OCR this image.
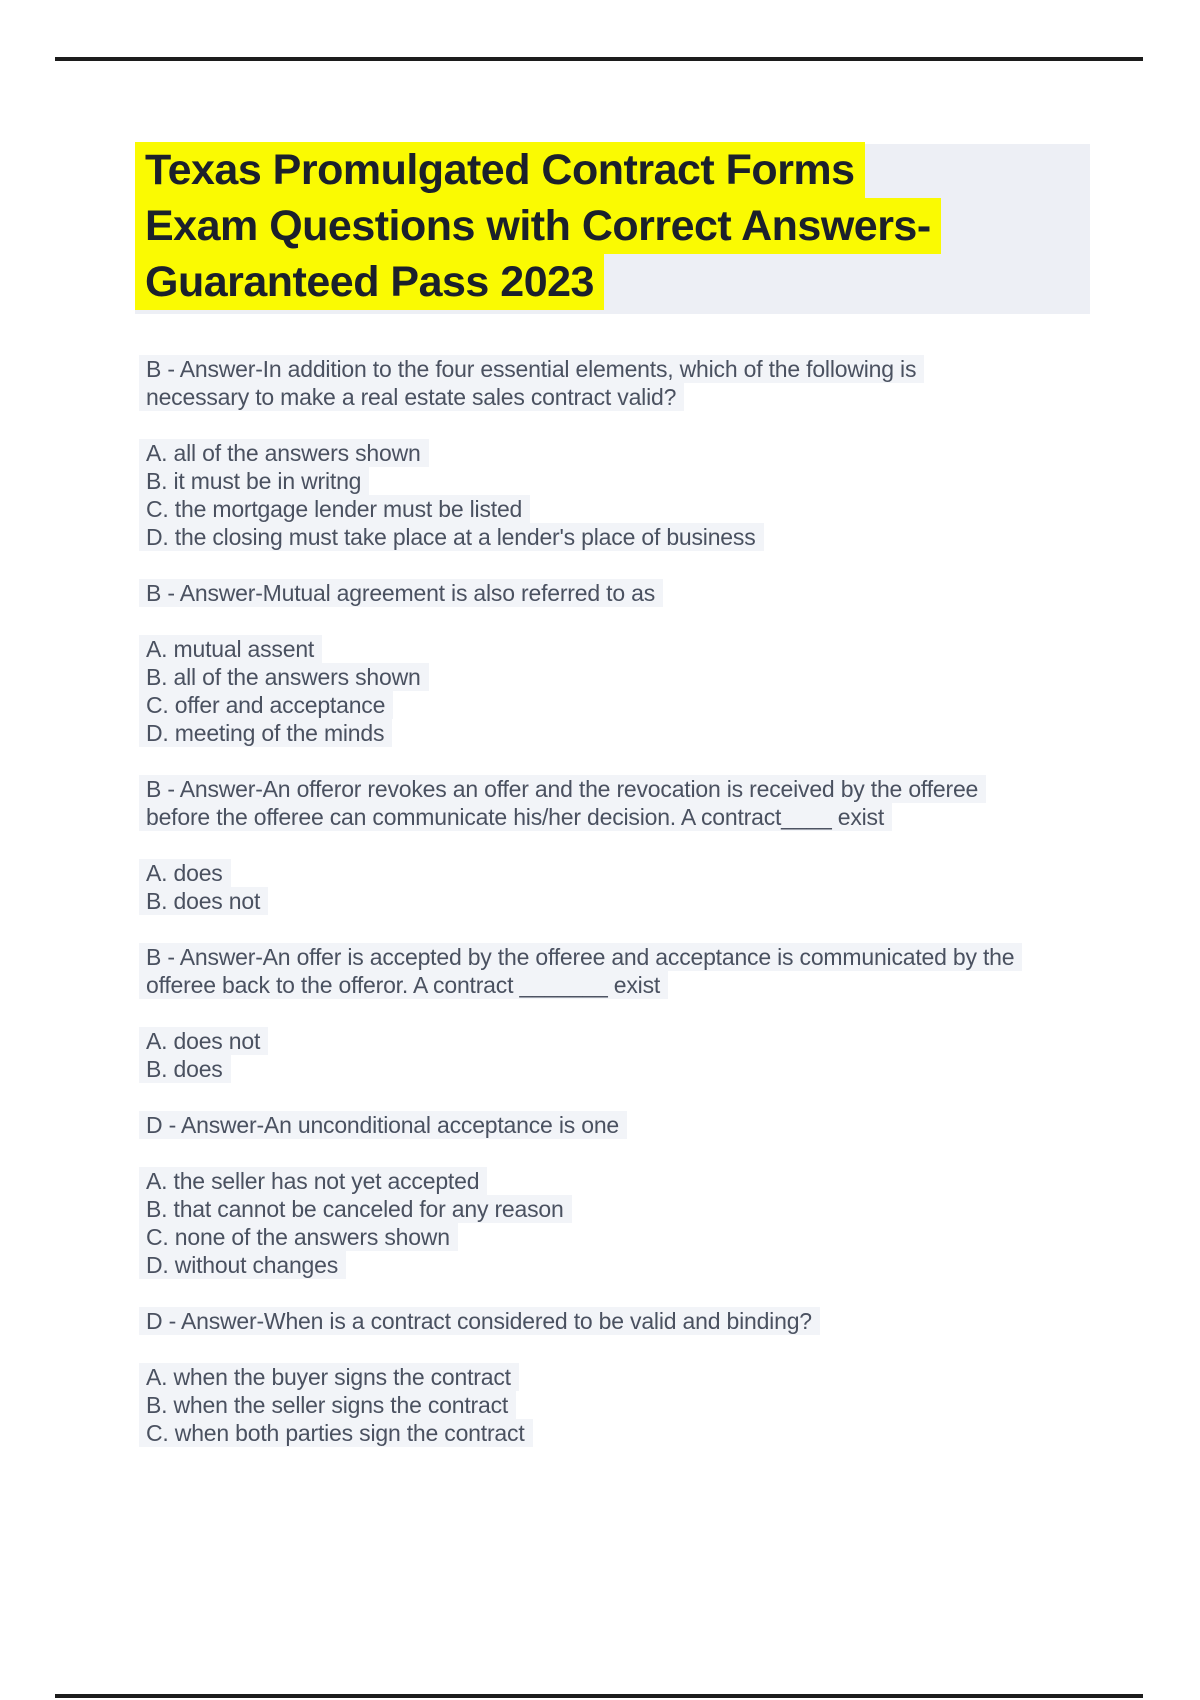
Texas Promulgated Contract Forms
Exam Questions with Correct Answers-
Guaranteed Pass 2023
B - Answer-In addition to the four essential elements, which of the following is
necessary to make a real estate sales contract valid?
A. all of the answers shown
B. it must be in writng
C. the mortgage lender must be listed
D. the closing must take place at a lender's place of business
B - Answer-Mutual agreement is also referred to as
A. mutual assent
B. all of the answers shown
C. offer and acceptance
D. meeting of the minds
B - Answer-An offeror revokes an offer and the revocation is received by the offeree
before the offeree can communicate his/her decision. A contract____ exist
A. does
B. does not
B - Answer-An offer is accepted by the offeree and acceptance is communicated by the
offeree back to the offeror. A contract _______ exist
A. does not
B. does
D - Answer-An unconditional acceptance is one
A. the seller has not yet accepted
B. that cannot be canceled for any reason
C. none of the answers shown
D. without changes
D - Answer-When is a contract considered to be valid and binding?
A. when the buyer signs the contract
B. when the seller signs the contract
C. when both parties sign the contract
